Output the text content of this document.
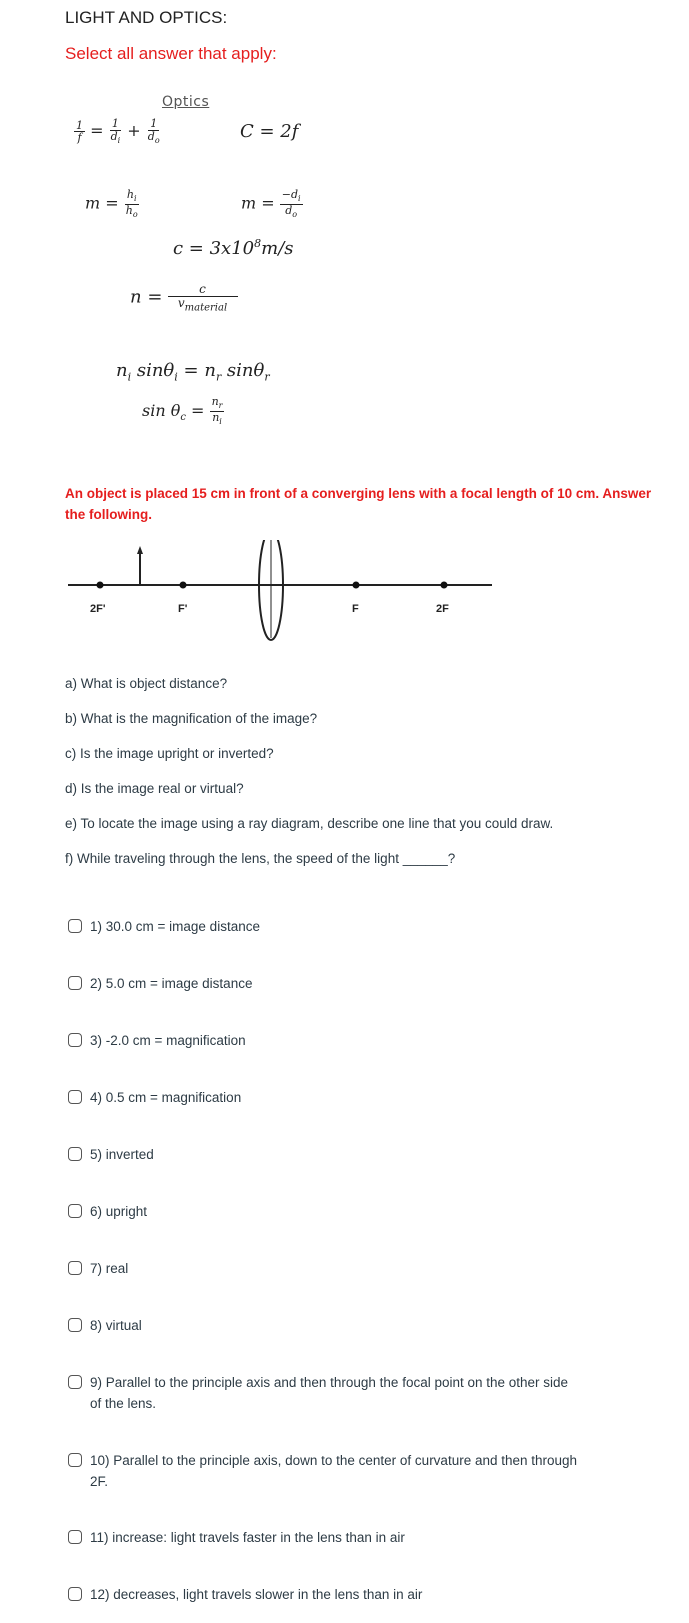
LIGHT AND OPTICS:
Select all answer that apply:
Optics
$\frac{1}{f} = \frac{1}{d_i} + \frac{1}{d_o}$	C = 2f
$m = \frac{h_i}{h_o}$	$m = \frac{-d_i}{d_o}$
$c = 3x10^8m/s$
$n = \frac{c}{v_{material}}$
$n_i$ $\sin\theta_i = n_r$ sinθ$_r$
$\sin \theta_c = \frac{n_r}{n_i}$
An object is placed 15 cm in front of a converging lens with a focal length of 10 cm. Answer the following.
2F'	F'	F	2F
a) What is object distance?
b) What is the magnification of the image?
c) Is the image upright or inverted?
d) Is the image real or virtual?
e) To locate the image using a ray diagram, describe one line that you could draw.
f) While traveling through the lens, the speed of the light ______?
1) 30.0 cm = image distance
2) 5.0 cm = image distance
3) -2.0 cm = magnification
4) 0.5 cm = magnification
5) inverted
6) upright
7) real
8) virtual
9) Parallel to the principle axis and then through the focal point on the other side of the lens.
10) Parallel to the principle axis, down to the center of curvature and then through 2F.
11) increase: light travels faster in the lens than in air
12) decreases, light travels slower in the lens than in air
